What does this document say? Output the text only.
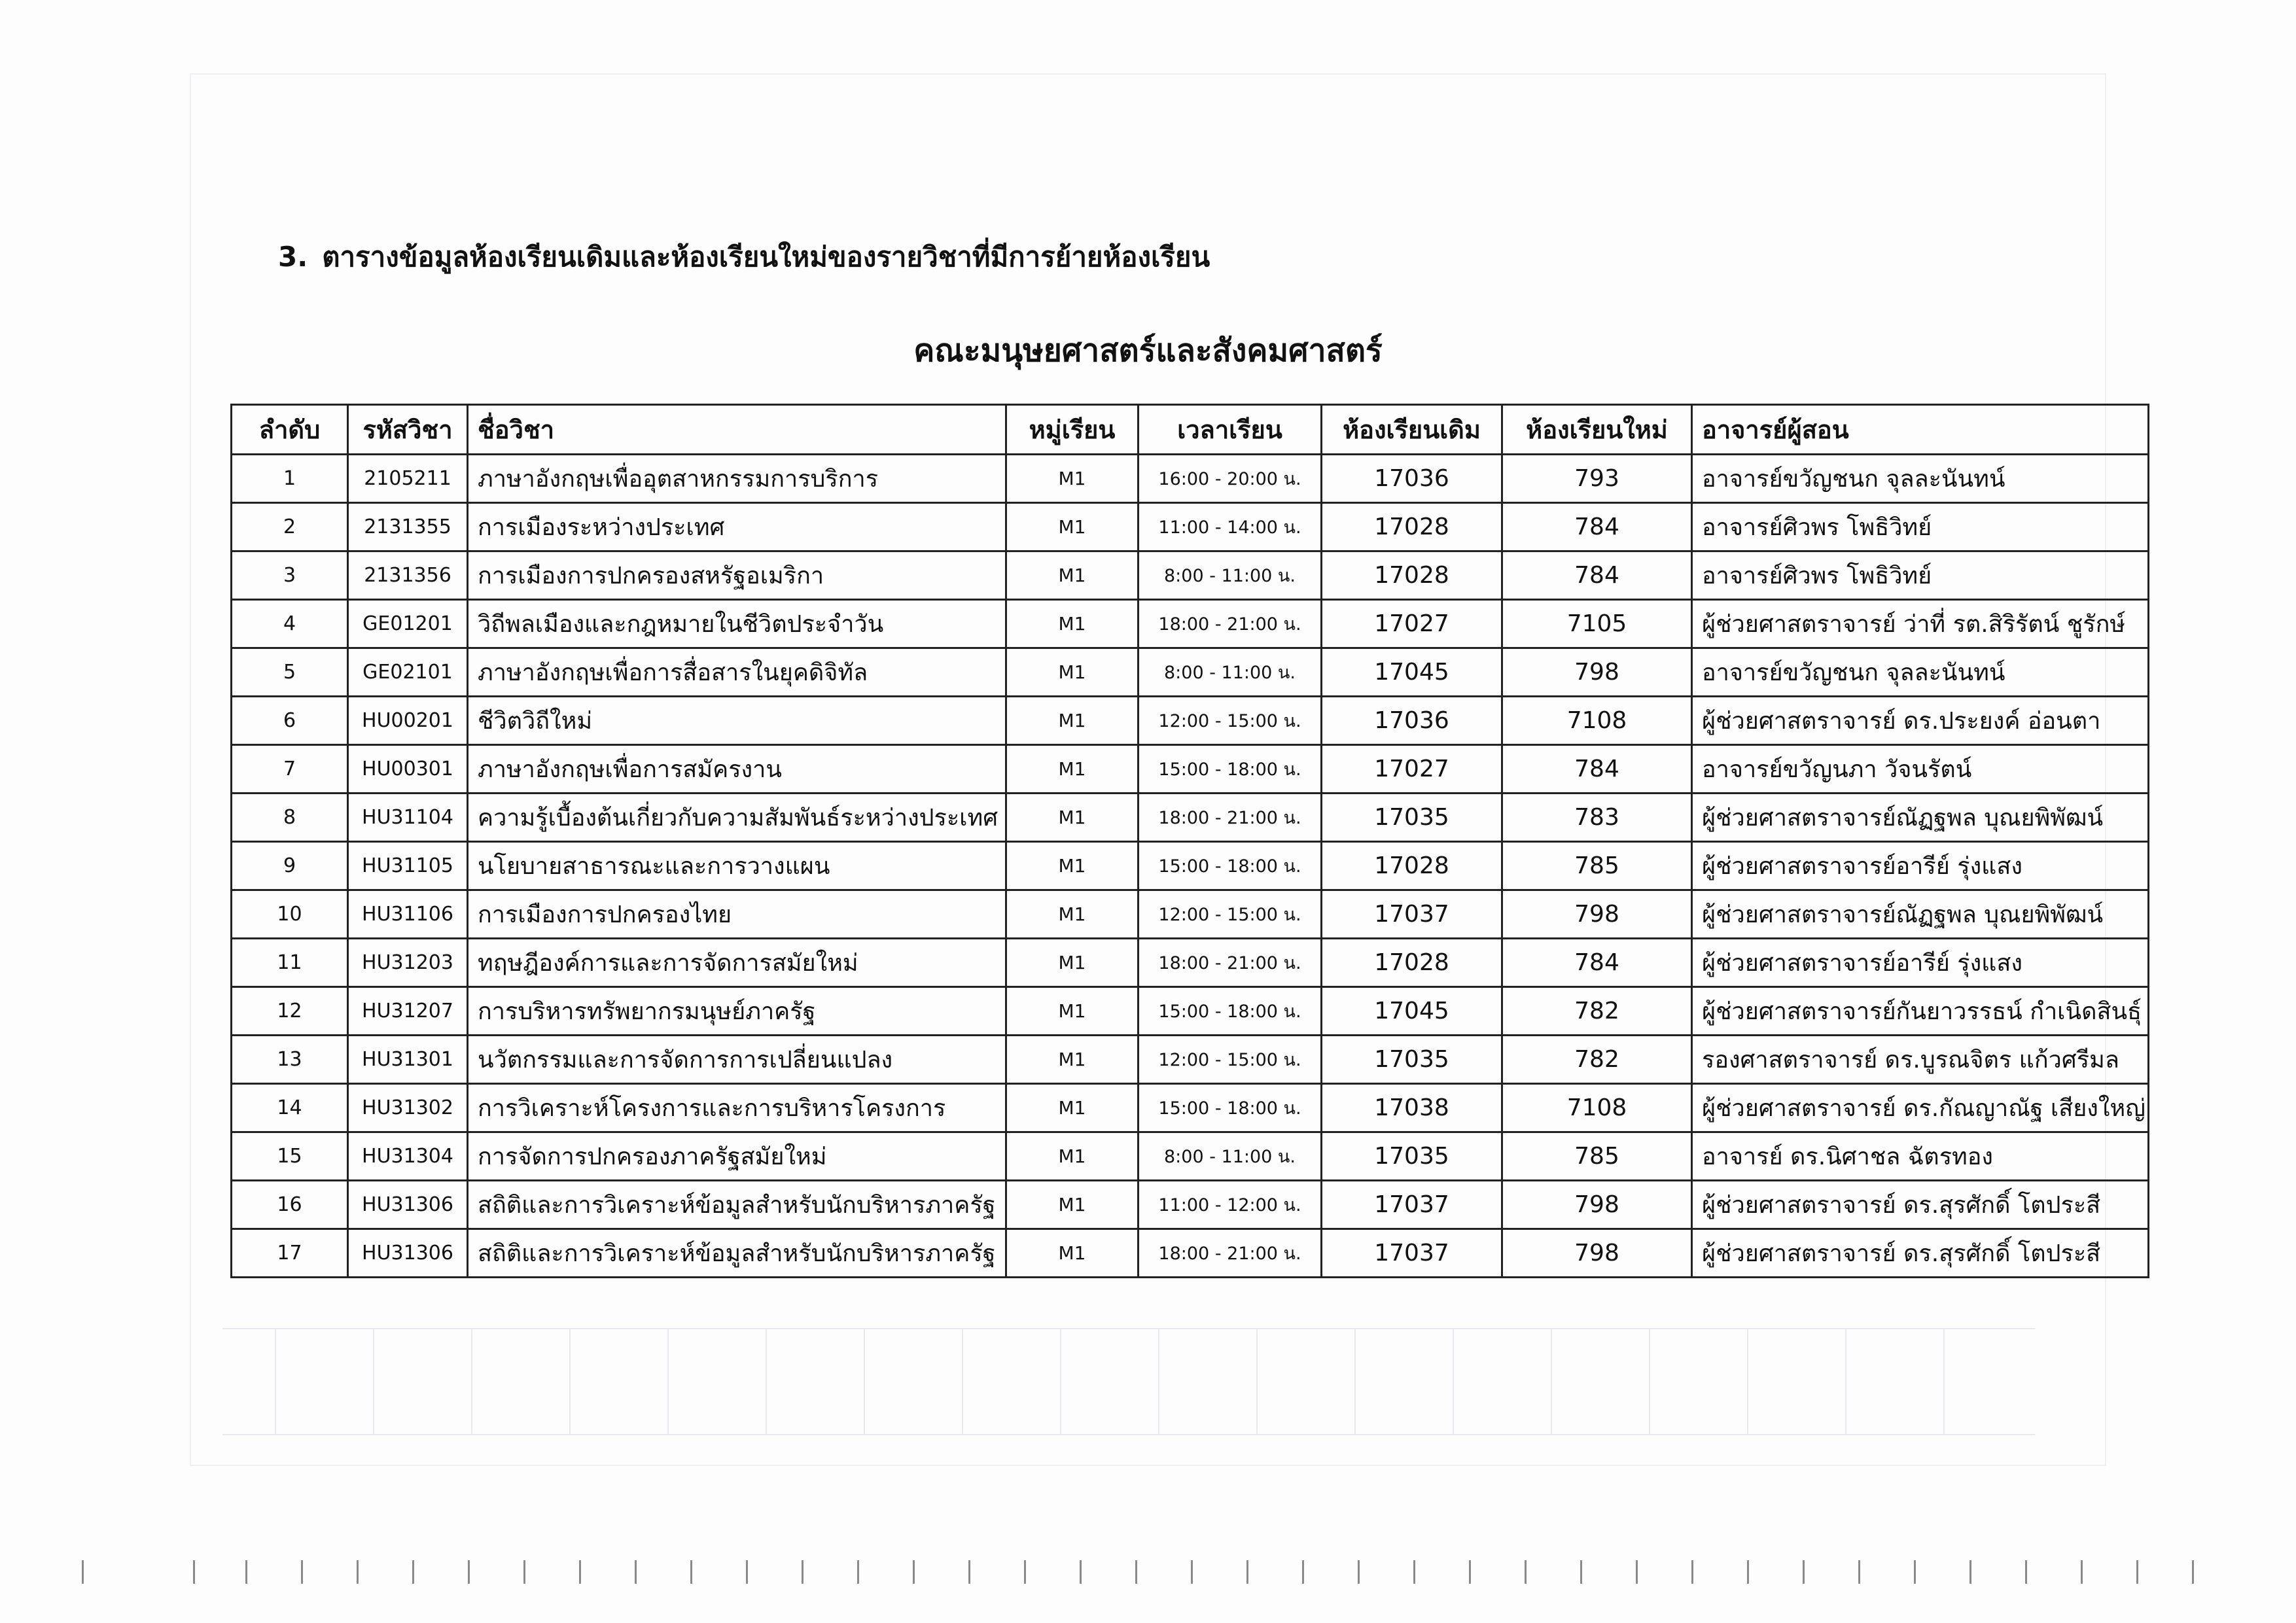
3. ตารางข้อมูลห้องเรียนเดิมและห้องเรียนใหม่ของรายวิชาที่มีการย้ายห้องเรียน
คณะมนุษยศาสตร์และสังคมศาสตร์
ลำดับ	รหัสวิชา	ชื่อวิชา	หมู่เรียน	เวลาเรียน	ห้องเรียนเดิม	ห้องเรียนใหม่	อาจารย์ผู้สอน
1	2105211	ภาษาอังกฤษเพื่ออุตสาหกรรมการบริการ	M1	16:00 - 20:00 น.	17036	793	อาจารย์ขวัญชนก จุลละนันทน์
2	2131355	การเมืองระหว่างประเทศ	M1	11:00 - 14:00 น.	17028	784	อาจารย์ศิวพร โพธิวิทย์
3	2131356	การเมืองการปกครองสหรัฐอเมริกา	M1	8:00 - 11:00 น.	17028	784	อาจารย์ศิวพร โพธิวิทย์
4	GE01201	วิถีพลเมืองและกฎหมายในชีวิตประจำวัน	M1	18:00 - 21:00 น.	17027	7105	ผู้ช่วยศาสตราจารย์ ว่าที่ รต.สิริรัตน์ ชูรักษ์
5	GE02101	ภาษาอังกฤษเพื่อการสื่อสารในยุคดิจิทัล	M1	8:00 - 11:00 น.	17045	798	อาจารย์ขวัญชนก จุลละนันทน์
6	HU00201	ชีวิตวิถีใหม่	M1	12:00 - 15:00 น.	17036	7108	ผู้ช่วยศาสตราจารย์ ดร.ประยงค์ อ่อนตา
7	HU00301	ภาษาอังกฤษเพื่อการสมัครงาน	M1	15:00 - 18:00 น.	17027	784	อาจารย์ขวัญนภา วัจนรัตน์
8	HU31104	ความรู้เบื้องต้นเกี่ยวกับความสัมพันธ์ระหว่างประเทศ	M1	18:00 - 21:00 น.	17035	783	ผู้ช่วยศาสตราจารย์ณัฏฐพล บุณยพิพัฒน์
9	HU31105	นโยบายสาธารณะและการวางแผน	M1	15:00 - 18:00 น.	17028	785	ผู้ช่วยศาสตราจารย์อารีย์ รุ่งแสง
10	HU31106	การเมืองการปกครองไทย	M1	12:00 - 15:00 น.	17037	798	ผู้ช่วยศาสตราจารย์ณัฏฐพล บุณยพิพัฒน์
11	HU31203	ทฤษฎีองค์การและการจัดการสมัยใหม่	M1	18:00 - 21:00 น.	17028	784	ผู้ช่วยศาสตราจารย์อารีย์ รุ่งแสง
12	HU31207	การบริหารทรัพยากรมนุษย์ภาครัฐ	M1	15:00 - 18:00 น.	17045	782	ผู้ช่วยศาสตราจารย์กันยาวรรธน์ กำเนิดสินธุ์
13	HU31301	นวัตกรรมและการจัดการการเปลี่ยนแปลง	M1	12:00 - 15:00 น.	17035	782	รองศาสตราจารย์ ดร.บูรณจิตร แก้วศรีมล
14	HU31302	การวิเคราะห์โครงการและการบริหารโครงการ	M1	15:00 - 18:00 น.	17038	7108	ผู้ช่วยศาสตราจารย์ ดร.กัณญาณัฐ เสียงใหญ่
15	HU31304	การจัดการปกครองภาครัฐสมัยใหม่	M1	8:00 - 11:00 น.	17035	785	อาจารย์ ดร.นิศาชล ฉัตรทอง
16	HU31306	สถิติและการวิเคราะห์ข้อมูลสำหรับนักบริหารภาครัฐ	M1	11:00 - 12:00 น.	17037	798	ผู้ช่วยศาสตราจารย์ ดร.สุรศักดิ์ โตประสี
17	HU31306	สถิติและการวิเคราะห์ข้อมูลสำหรับนักบริหารภาครัฐ	M1	18:00 - 21:00 น.	17037	798	ผู้ช่วยศาสตราจารย์ ดร.สุรศักดิ์ โตประสี
